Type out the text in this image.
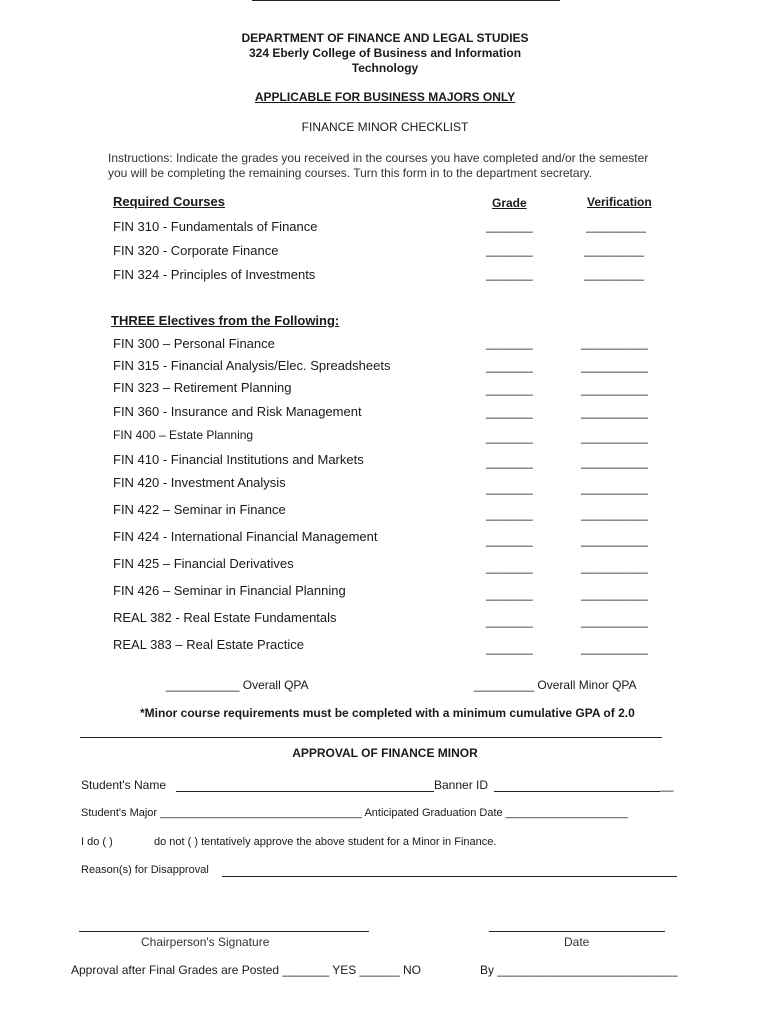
DEPARTMENT OF FINANCE AND LEGAL STUDIES
324 Eberly College of Business and Information
Technology
APPLICABLE FOR BUSINESS MAJORS ONLY
FINANCE MINOR CHECKLIST
Instructions: Indicate the grades you received in the courses you have completed and/or the semester
you will be completing the remaining courses. Turn this form in to the department secretary.
Required Courses	Grade	Verification
FIN 310 - Fundamentals of Finance	_______	_________
FIN 320 - Corporate Finance	_______	_________
FIN 324 - Principles of Investments	_______	_________
THREE Electives from the Following:
FIN 300 – Personal Finance	_______	__________
FIN 315 - Financial Analysis/Elec. Spreadsheets	_______	__________
FIN 323 – Retirement Planning	_______	__________
FIN 360 - Insurance and Risk Management	_______	__________
FIN 400 – Estate Planning	_______	__________
FIN 410 - Financial Institutions and Markets	_______	__________
FIN 420 - Investment Analysis	_______	__________
FIN 422 – Seminar in Finance	_______	__________
FIN 424 - International Financial Management	_______	__________
FIN 425 – Financial Derivatives	_______	__________
FIN 426 – Seminar in Financial Planning	_______	__________
REAL 382 - Real Estate Fundamentals	_______	__________
REAL 383 – Real Estate Practice	_______	__________
___________ Overall QPA	_________ Overall Minor QPA
*Minor course requirements must be completed with a minimum cumulative GPA of 2.0
APPROVAL OF FINANCE MINOR
Student's Name	Banner ID	__
Student's Major _________________________________ Anticipated Graduation Date ____________________
I do ( )	do not ( ) tentatively approve the above student for a Minor in Finance.
Reason(s) for Disapproval
Chairperson's Signature	Date
Approval after Final Grades are Posted _______ YES ______ NO	By ___________________________
